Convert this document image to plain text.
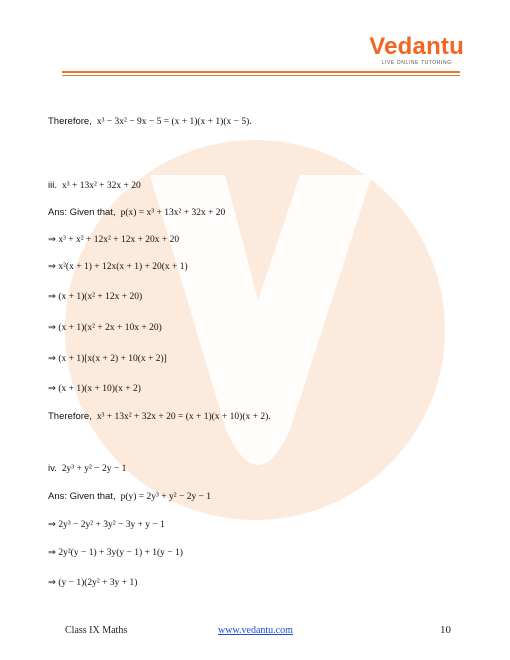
Vedantu
LIVE ONLINE TUTORING
Therefore, x³ − 3x² − 9x − 5 = (x + 1)(x + 1)(x − 5).
iii. x³ + 13x² + 32x + 20
Ans: Given that, p(x) = x³ + 13x² + 32x + 20
⇒ x³ + x² + 12x² + 12x + 20x + 20
⇒ x²(x + 1) + 12x(x + 1) + 20(x + 1)
⇒ (x + 1)(x² + 12x + 20)
⇒ (x + 1)(x² + 2x + 10x + 20)
⇒ (x + 1)[x(x + 2) + 10(x + 2)]
⇒ (x + 1)(x + 10)(x + 2)
Therefore, x³ + 13x² + 32x + 20 = (x + 1)(x + 10)(x + 2).
iv. 2y³ + y² − 2y − 1
Ans: Given that, p(y) = 2y³ + y² − 2y − 1
⇒ 2y³ − 2y² + 3y² − 3y + y − 1
⇒ 2y²(y − 1) + 3y(y − 1) + 1(y − 1)
⇒ (y − 1)(2y² + 3y + 1)
Class IX Maths	www.vedantu.com	10
